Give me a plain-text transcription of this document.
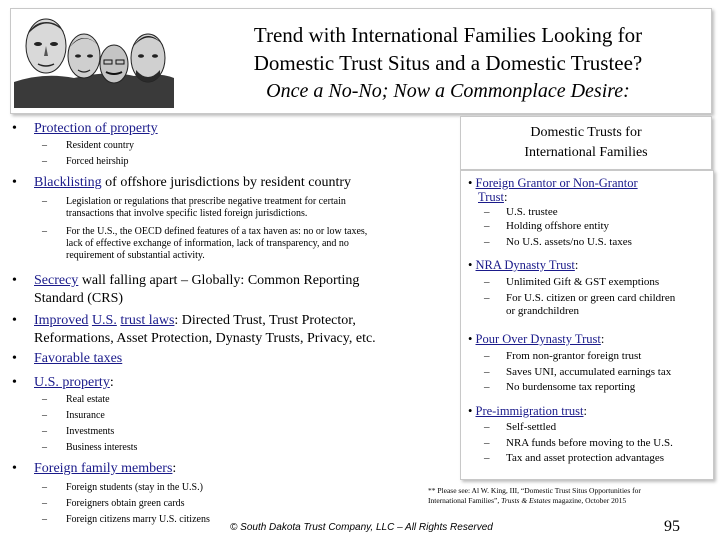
Trend with International Families Looking for
Domestic Trust Situs and a Domestic Trustee?
Once a No-No; Now a Commonplace Desire:
• Protection of property
– Resident country
– Forced heirship
• Blacklisting of offshore jurisdictions by resident country
– Legislation or regulations that prescribe negative treatment for certain
transactions that involve specific listed foreign jurisdictions.
– For the U.S., the OECD defined features of a tax haven as: no or low taxes,
lack of effective exchange of information, lack of transparency, and no
requirement of substantial activity.
• Secrecy wall falling apart – Globally: Common Reporting
Standard (CRS)
• Improved U.S. trust laws: Directed Trust, Trust Protector,
Reformations, Asset Protection, Dynasty Trusts, Privacy, etc.
• Favorable taxes
• U.S. property:
– Real estate
– Insurance
– Investments
– Business interests
• Foreign family members:
– Foreign students (stay in the U.S.)
– Foreigners obtain green cards
– Foreign citizens marry U.S. citizens
Domestic Trusts for
International Families
• Foreign Grantor or Non-Grantor
Trust:
– U.S. trustee
– Holding offshore entity
– No U.S. assets/no U.S. taxes
• NRA Dynasty Trust:
– Unlimited Gift & GST exemptions
– For U.S. citizen or green card children
or grandchildren
• Pour Over Dynasty Trust:
– From non-grantor foreign trust
– Saves UNI, accumulated earnings tax
– No burdensome tax reporting
• Pre-immigration trust:
– Self-settled
– NRA funds before moving to the U.S.
– Tax and asset protection advantages
** Please see: Al W. King, III, “Domestic Trust Situs Opportunities for
International Families”, Trusts & Estates magazine, October 2015
© South Dakota Trust Company, LLC – All Rights Reserved	95
